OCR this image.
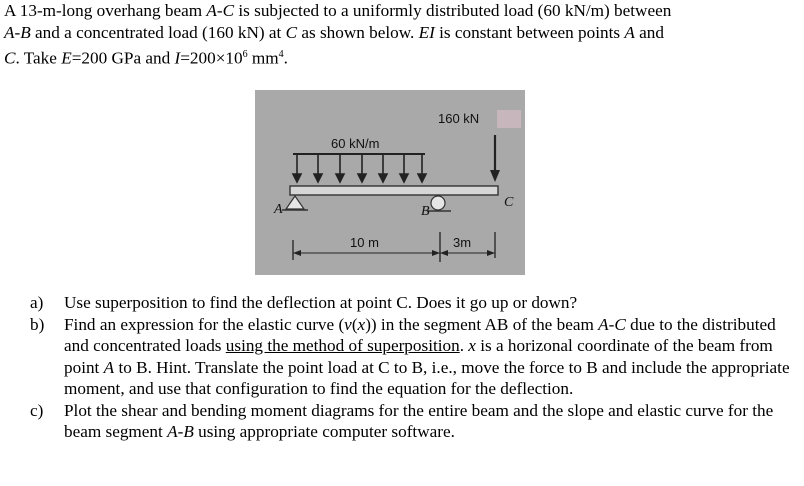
A 13-m-long overhang beam A-C is subjected to a uniformly distributed load (60 kN/m) between
A-B and a concentrated load (160 kN) at C as shown below. EI is constant between points A and
C. Take E=200 GPa and $I=200\times 10^6$ $mm^4$.

60 kN/m
160 kN
A	B
C
10 m	3m
a) Use superposition to find the deflection at point C. Does it go up or down?
b) Find an expression for the elastic curve (v(x)) in the segment AB of the beam A-C due to the distributed and concentrated loads using the method of superposition. x is a horizonal coordinate of the beam from point A to B. Hint. Translate the point load at C to B, i.e., move the force to B and include the appropriate moment, and use that configuration to find the equation for the deflection.
c) Plot the shear and bending moment diagrams for the entire beam and the slope and elastic curve for the beam segment A-B using appropriate computer software.
